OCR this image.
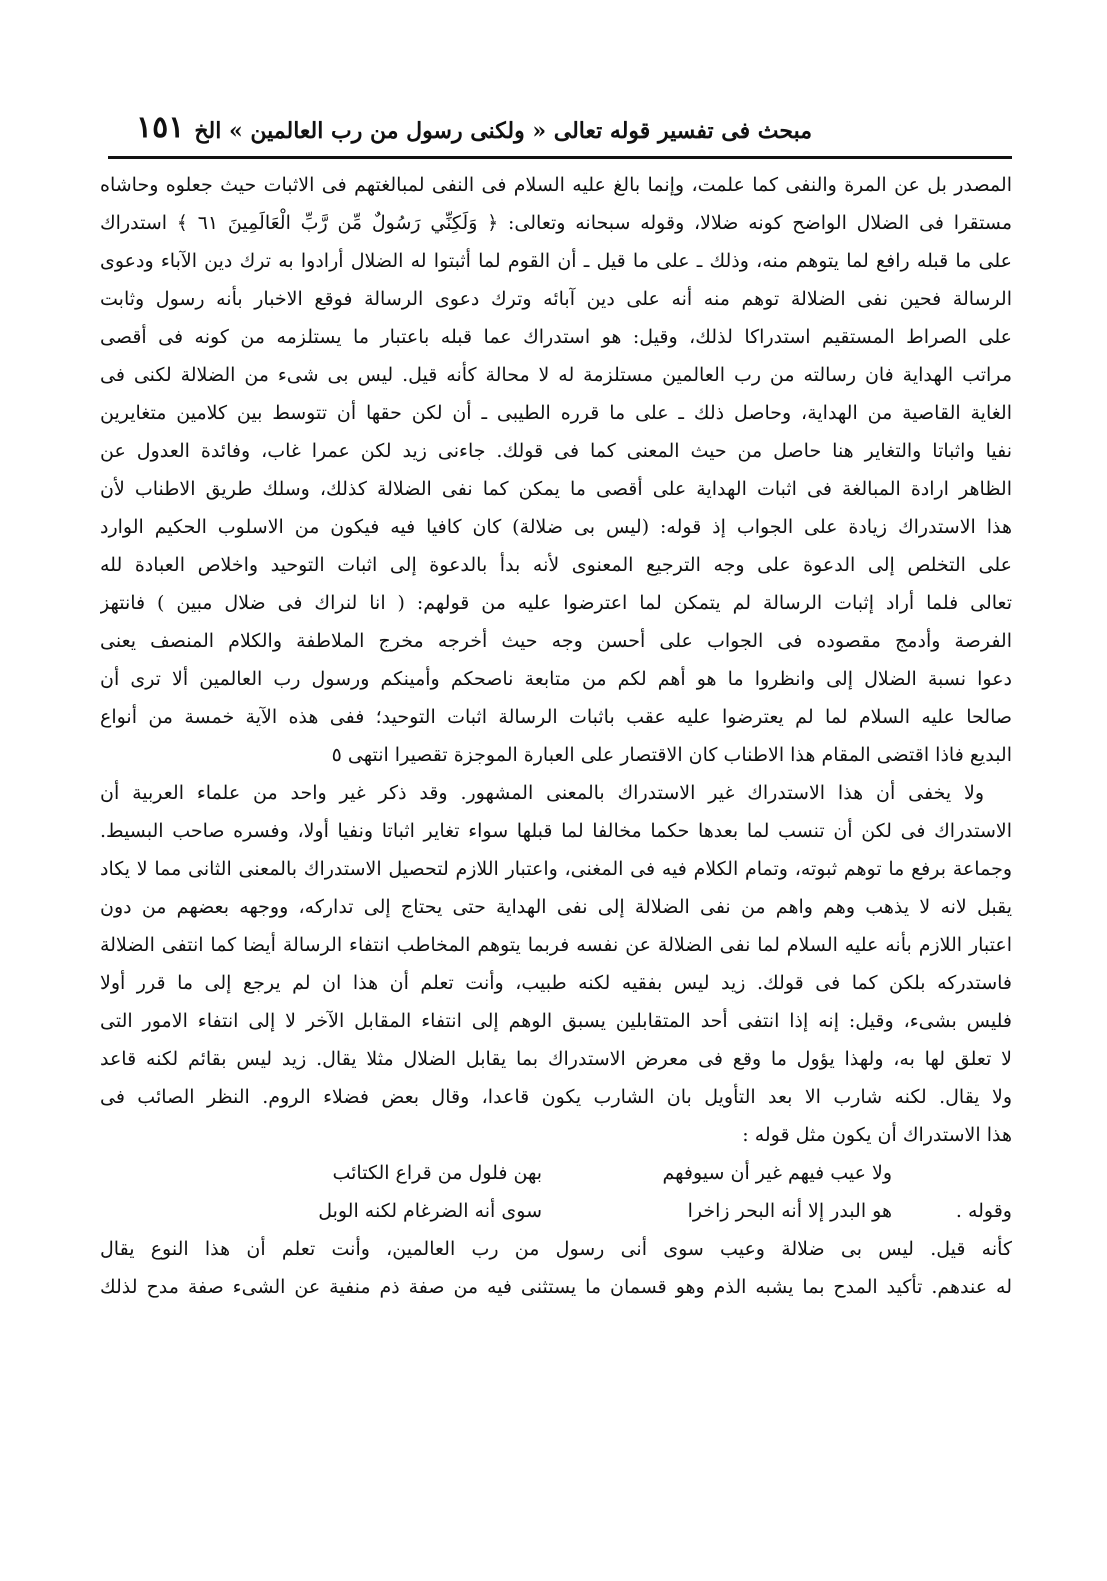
مبحث فى تفسير قوله تعالى « ولكنى رسول من رب العالمين » الخ
١٥١
المصدر بل عن المرة والنفى كما علمت، وإنما بالغ عليه السلام فى النفى لمبالغتهم فى الاثبات حيث جعلوه وحاشاه
مستقرا فى الضلال الواضح كونه ضلالا، وقوله سبحانه وتعالى: ﴿ وَلَكِنِّي رَسُولٌ مِّن رَّبِّ الْعَالَمِينَ ٦١ ﴾ استدراك
على ما قبله رافع لما يتوهم منه، وذلك ـ على ما قيل ـ أن القوم لما أثبتوا له الضلال أرادوا به ترك دين الآباء ودعوى
الرسالة فحين نفى الضلالة توهم منه أنه على دين آبائه وترك دعوى الرسالة فوقع الاخبار بأنه رسول وثابت
على الصراط المستقيم استدراكا لذلك، وقيل: هو استدراك عما قبله باعتبار ما يستلزمه من كونه فى أقصى
مراتب الهداية فان رسالته من رب العالمين مستلزمة له لا محالة كأنه قيل. ليس بى شىء من الضلالة لكنى فى
الغاية القاصية من الهداية، وحاصل ذلك ـ على ما قرره الطيبى ـ أن لكن حقها أن تتوسط بين كلامين متغايرين
نفيا واثباتا والتغاير هنا حاصل من حيث المعنى كما فى قولك. جاءنى زيد لكن عمرا غاب، وفائدة العدول عن
الظاهر ارادة المبالغة فى اثبات الهداية على أقصى ما يمكن كما نفى الضلالة كذلك، وسلك طريق الاطناب لأن
هذا الاستدراك زيادة على الجواب إذ قوله: (ليس بى ضلالة) كان كافيا فيه فيكون من الاسلوب الحكيم الوارد
على التخلص إلى الدعوة على وجه الترجيع المعنوى لأنه بدأ بالدعوة إلى اثبات التوحيد واخلاص العبادة لله
تعالى فلما أراد إثبات الرسالة لم يتمكن لما اعترضوا عليه من قولهم: ( انا لنراك فى ضلال مبين ) فانتهز
الفرصة وأدمج مقصوده فى الجواب على أحسن وجه حيث أخرجه مخرج الملاطفة والكلام المنصف يعنى
دعوا نسبة الضلال إلى وانظروا ما هو أهم لكم من متابعة ناصحكم وأمينكم ورسول رب العالمين ألا ترى أن
صالحا عليه السلام لما لم يعترضوا عليه عقب باثبات الرسالة اثبات التوحيد؛ ففى هذه الآية خمسة من أنواع
البديع فاذا اقتضى المقام هذا الاطناب كان الاقتصار على العبارة الموجزة تقصيرا انتهى ٥
ولا يخفى أن هذا الاستدراك غير الاستدراك بالمعنى المشهور. وقد ذكر غير واحد من علماء العربية أن
الاستدراك فى لكن أن تنسب لما بعدها حكما مخالفا لما قبلها سواء تغاير اثباتا ونفيا أولا، وفسره صاحب البسيط.
وجماعة برفع ما توهم ثبوته، وتمام الكلام فيه فى المغنى، واعتبار اللازم لتحصيل الاستدراك بالمعنى الثانى مما لا يكاد
يقبل لانه لا يذهب وهم واهم من نفى الضلالة إلى نفى الهداية حتى يحتاج إلى تداركه، ووجهه بعضهم من دون
اعتبار اللازم بأنه عليه السلام لما نفى الضلالة عن نفسه فربما يتوهم المخاطب انتفاء الرسالة أيضا كما انتفى الضلالة
فاستدركه بلكن كما فى قولك. زيد ليس بفقيه لكنه طبيب، وأنت تعلم أن هذا ان لم يرجع إلى ما قرر أولا
فليس بشىء، وقيل: إنه إذا انتفى أحد المتقابلين يسبق الوهم إلى انتفاء المقابل الآخر لا إلى انتفاء الامور التى
لا تعلق لها به، ولهذا يؤول ما وقع فى معرض الاستدراك بما يقابل الضلال مثلا يقال. زيد ليس بقائم لكنه قاعد
ولا يقال. لكنه شارب الا بعد التأويل بان الشارب يكون قاعدا، وقال بعض فضلاء الروم. النظر الصائب فى
هذا الاستدراك أن يكون مثل قوله :
ولا عيب فيهم غير أن سيوفهم
بهن فلول من قراع الكتائب
وقوله .
هو البدر إلا أنه البحر زاخرا
سوى أنه الضرغام لكنه الوبل
كأنه قيل. ليس بى ضلالة وعيب سوى أنى رسول من رب العالمين، وأنت تعلم أن هذا النوع يقال
له عندهم. تأكيد المدح بما يشبه الذم وهو قسمان ما يستثنى فيه من صفة ذم منفية عن الشىء صفة مدح لذلك
